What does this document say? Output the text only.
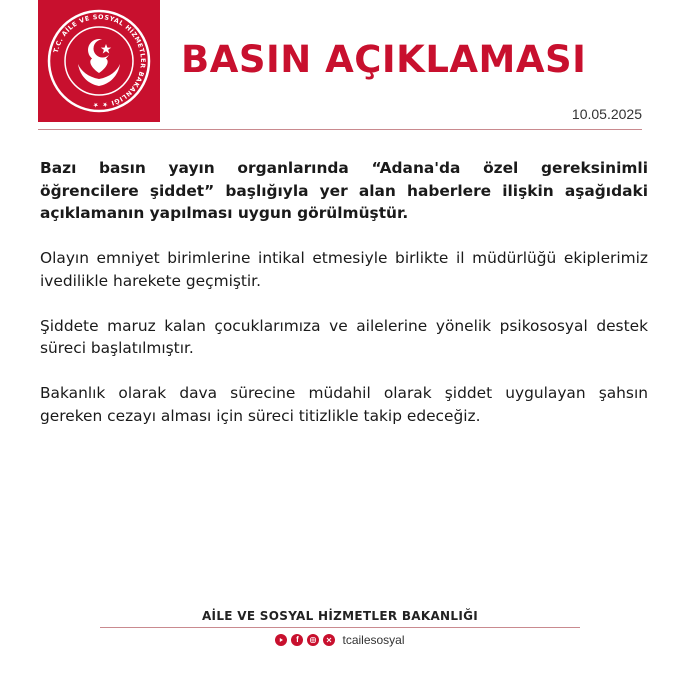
T.C. AİLE VE SOSYAL HİZMETLER BAKANLIĞI ★ ★
BASIN AÇIKLAMASI
10.05.2025

Bazı basın yayın organlarında “Adana'da özel gereksinimli öğrencilere şiddet” başlığıyla yer alan haberlere ilişkin aşağıdaki açıklamanın yapılması uygun görülmüştür.

Olayın emniyet birimlerine intikal etmesiyle birlikte il müdürlüğü ekiplerimiz ivedilikle harekete geçmiştir.

Şiddete maruz kalan çocuklarımıza ve ailelerine yönelik psikososyal destek süreci başlatılmıştır.

Bakanlık olarak dava sürecine müdahil olarak şiddet uygulayan şahsın gereken cezayı alması için süreci titizlikle takip edeceğiz.

AİLE VE SOSYAL HİZMETLER BAKANLIĞI
f	tcailesosyal
